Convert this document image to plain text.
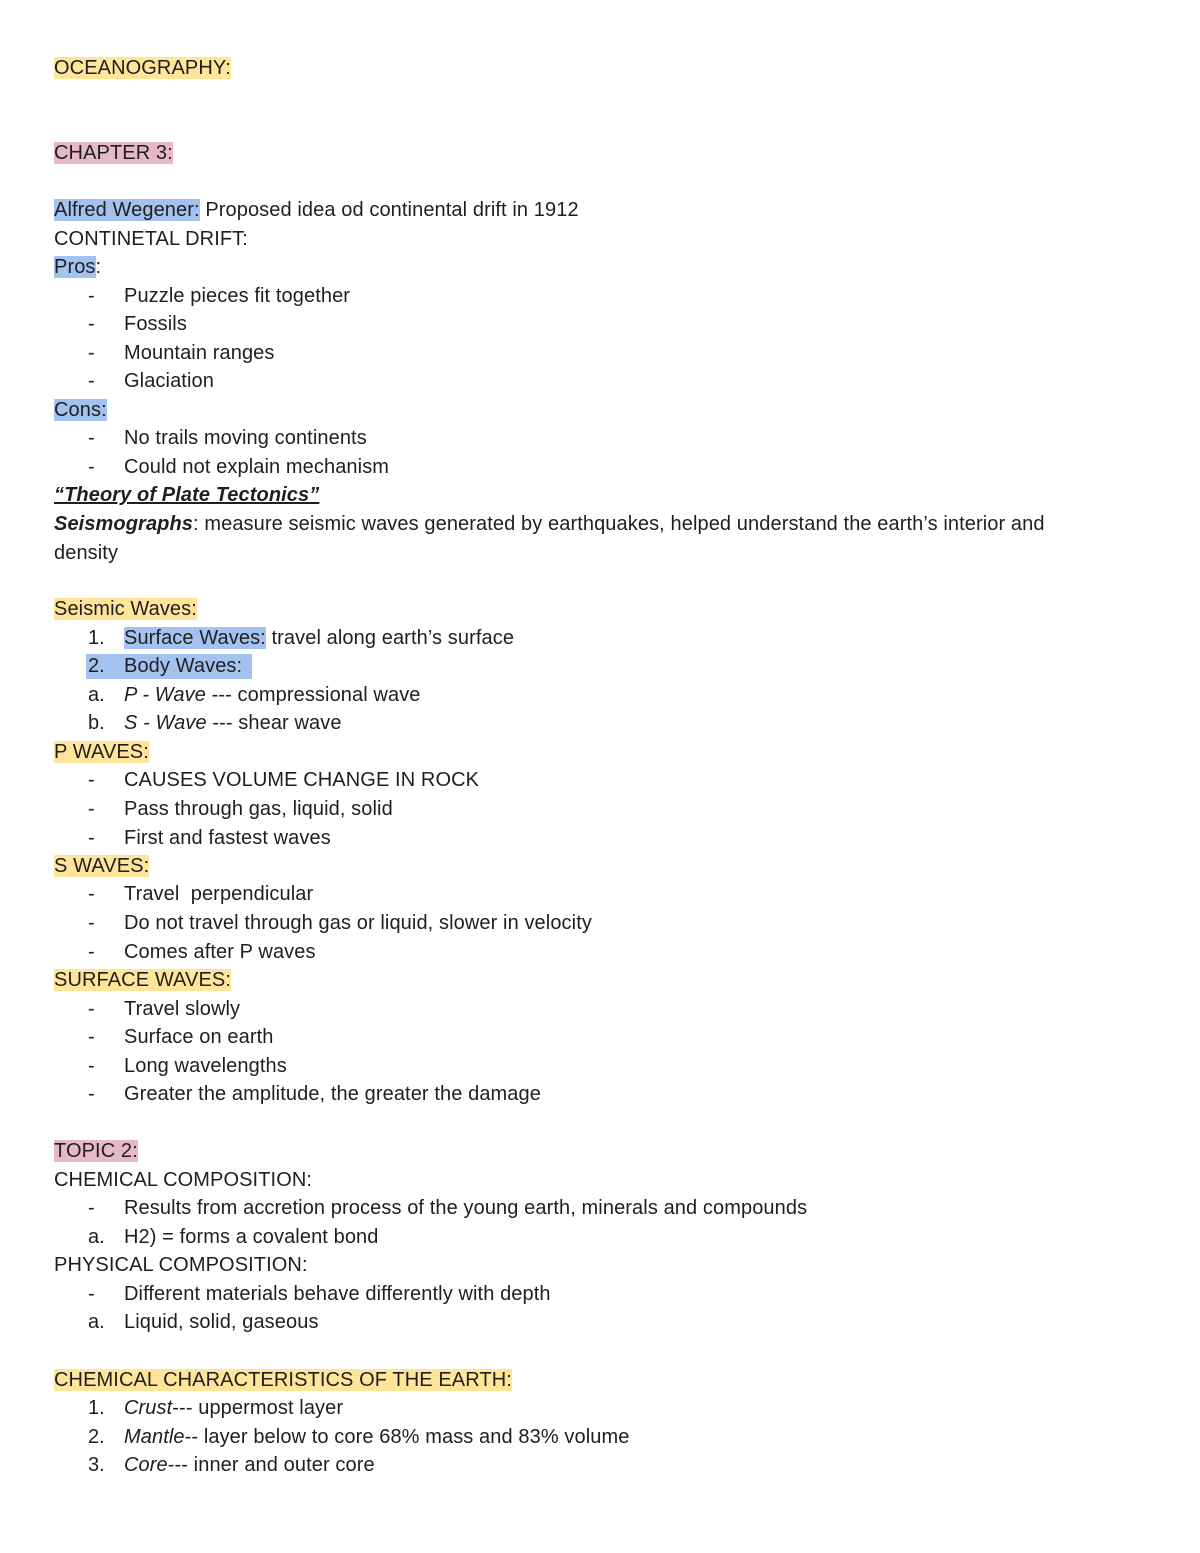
OCEANOGRAPHY:
CHAPTER 3:
Alfred Wegener: Proposed idea od continental drift in 1912
CONTINETAL DRIFT:
Pros:
- Puzzle pieces fit together
- Fossils
- Mountain ranges
- Glaciation
Cons:
- No trails moving continents
- Could not explain mechanism
“Theory of Plate Tectonics”
Seismographs: measure seismic waves generated by earthquakes, helped understand the earth’s interior and
density
Seismic Waves:
1. Surface Waves: travel along earth’s surface
2. Body Waves:
a. P - Wave --- compressional wave
b. S - Wave --- shear wave
P WAVES:
- CAUSES VOLUME CHANGE IN ROCK
- Pass through gas, liquid, solid
- First and fastest waves
S WAVES:
- Travel  perpendicular
- Do not travel through gas or liquid, slower in velocity
- Comes after P waves
SURFACE WAVES:
- Travel slowly
- Surface on earth
- Long wavelengths
- Greater the amplitude, the greater the damage
TOPIC 2:
CHEMICAL COMPOSITION:
- Results from accretion process of the young earth, minerals and compounds
a. H2) = forms a covalent bond
PHYSICAL COMPOSITION:
- Different materials behave differently with depth
a. Liquid, solid, gaseous
CHEMICAL CHARACTERISTICS OF THE EARTH:
1. Crust--- uppermost layer
2. Mantle-- layer below to core 68% mass and 83% volume
3. Core--- inner and outer core
